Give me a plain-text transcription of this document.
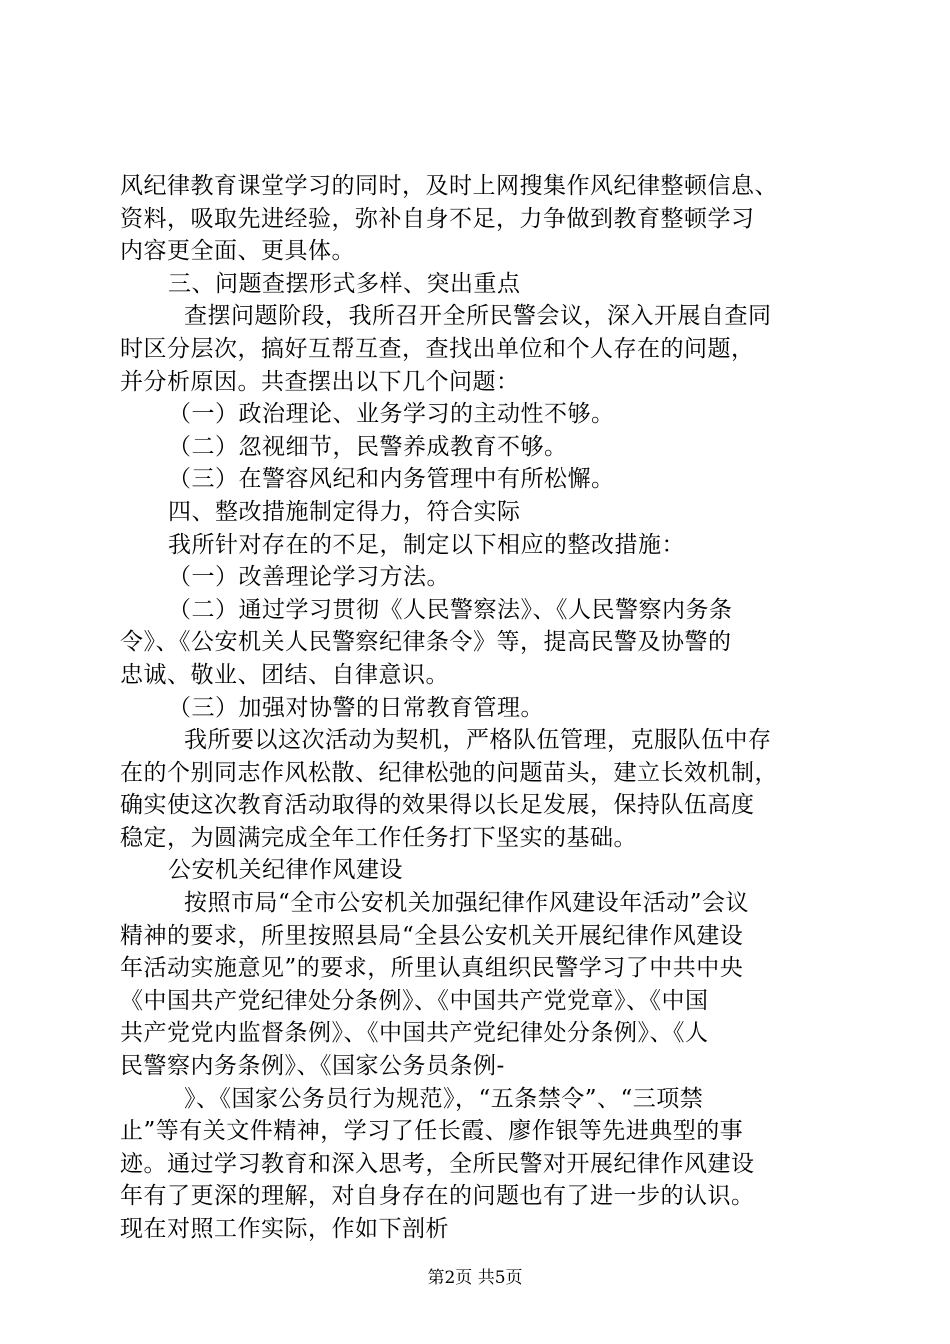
风纪律教育课堂学习的同时，及时上网搜集作风纪律整顿信息、
资料，吸取先进经验，弥补自身不足，力争做到教育整顿学习
内容更全面、更具体。
三、问题查摆形式多样、突出重点
查摆问题阶段，我所召开全所民警会议，深入开展自查同
时区分层次，搞好互帮互查，查找出单位和个人存在的问题，
并分析原因。共查摆出以下几个问题：
（一）政治理论、业务学习的主动性不够。
（二）忽视细节，民警养成教育不够。
（三）在警容风纪和内务管理中有所松懈。
四、整改措施制定得力，符合实际
我所针对存在的不足，制定以下相应的整改措施：
（一）改善理论学习方法。
（二）通过学习贯彻《人民警察法》、《人民警察内务条
令》、《公安机关人民警察纪律条令》等，提高民警及协警的
忠诚、敬业、团结、自律意识。
（三）加强对协警的日常教育管理。
我所要以这次活动为契机，严格队伍管理，克服队伍中存
在的个别同志作风松散、纪律松弛的问题苗头，建立长效机制，
确实使这次教育活动取得的效果得以长足发展，保持队伍高度
稳定，为圆满完成全年工作任务打下坚实的基础。
公安机关纪律作风建设
按照市局“全市公安机关加强纪律作风建设年活动”会议
精神的要求，所里按照县局“全县公安机关开展纪律作风建设
年活动实施意见”的要求，所里认真组织民警学习了中共中央
《中国共产党纪律处分条例》、《中国共产党党章》、《中国
共产党党内监督条例》、《中国共产党纪律处分条例》、《人
民警察内务条例》、《国家公务员条例-
》、《国家公务员行为规范》，“五条禁令”、“三项禁
止”等有关文件精神，学习了任长霞、廖作银等先进典型的事
迹。通过学习教育和深入思考，全所民警对开展纪律作风建设
年有了更深的理解，对自身存在的问题也有了进一步的认识。
现在对照工作实际，作如下剖析
第2页 共5页
